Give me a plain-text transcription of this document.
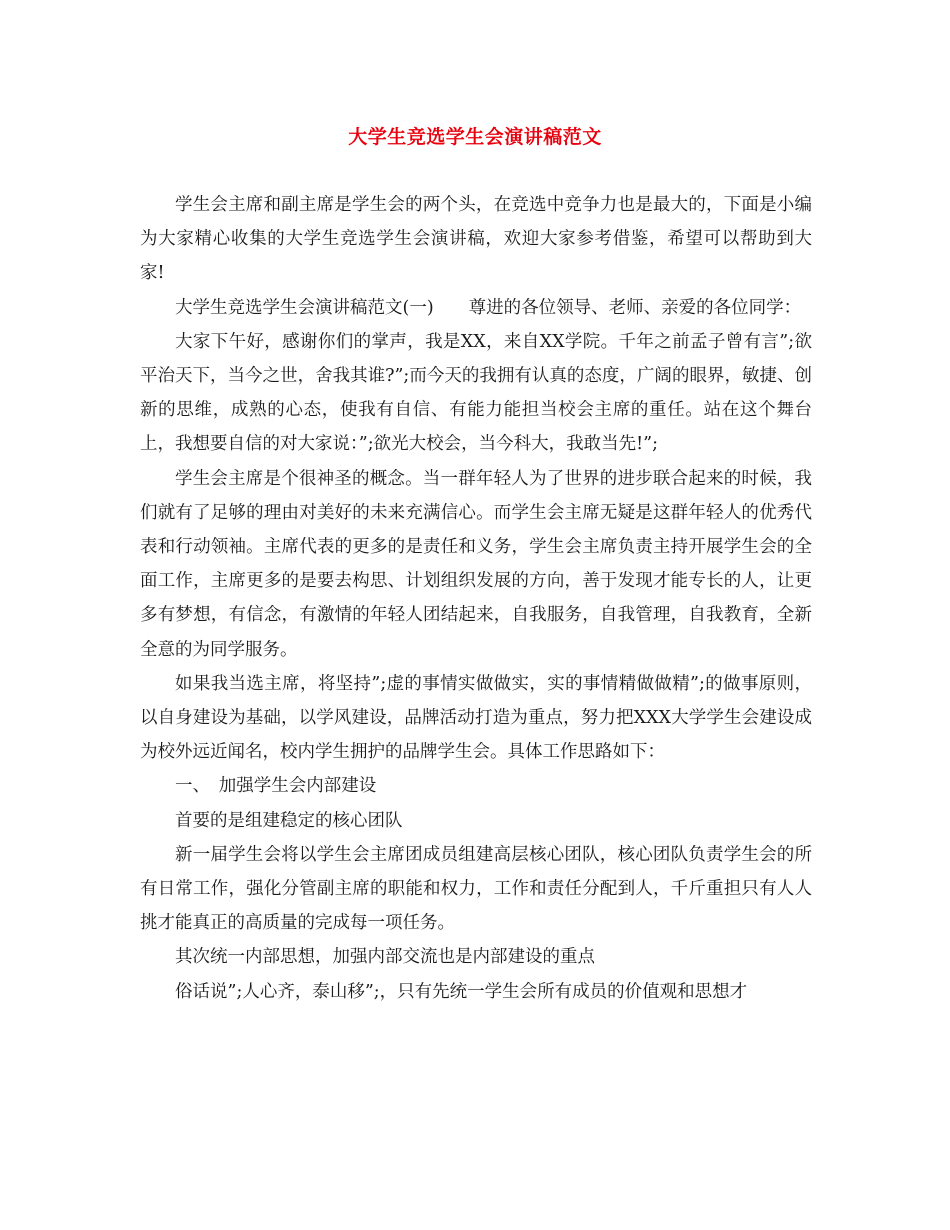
大学生竞选学生会演讲稿范文

学生会主席和副主席是学生会的两个头，在竞选中竞争力也是最大的，下面是小编为大家精心收集的大学生竞选学生会演讲稿，欢迎大家参考借鉴，希望可以帮助到大家!

大学生竞选学生会演讲稿范文(一)　　尊进的各位领导、老师、亲爱的各位同学：

大家下午好，感谢你们的掌声，我是XX，来自XX学院。千年之前孟子曾有言”;欲平治天下，当今之世，舍我其谁?”;而今天的我拥有认真的态度，广阔的眼界，敏捷、创新的思维，成熟的心态，使我有自信、有能力能担当校会主席的重任。站在这个舞台上，我想要自信的对大家说：”;欲光大校会，当今科大，我敢当先!”;

学生会主席是个很神圣的概念。当一群年轻人为了世界的进步联合起来的时候，我们就有了足够的理由对美好的未来充满信心。而学生会主席无疑是这群年轻人的优秀代表和行动领袖。主席代表的更多的是责任和义务，学生会主席负责主持开展学生会的全面工作，主席更多的是要去构思、计划组织发展的方向，善于发现才能专长的人，让更多有梦想，有信念，有激情的年轻人团结起来，自我服务，自我管理，自我教育，全新全意的为同学服务。

如果我当选主席，将坚持”;虚的事情实做做实，实的事情精做做精”;的做事原则，以自身建设为基础，以学风建设，品牌活动打造为重点，努力把XXX大学学生会建设成为校外远近闻名，校内学生拥护的品牌学生会。具体工作思路如下：

一、　加强学生会内部建设

首要的是组建稳定的核心团队

新一届学生会将以学生会主席团成员组建高层核心团队，核心团队负责学生会的所有日常工作，强化分管副主席的职能和权力，工作和责任分配到人，千斤重担只有人人挑才能真正的高质量的完成每一项任务。

其次统一内部思想，加强内部交流也是内部建设的重点

俗话说”;人心齐，泰山移”;，只有先统一学生会所有成员的价值观和思想才
